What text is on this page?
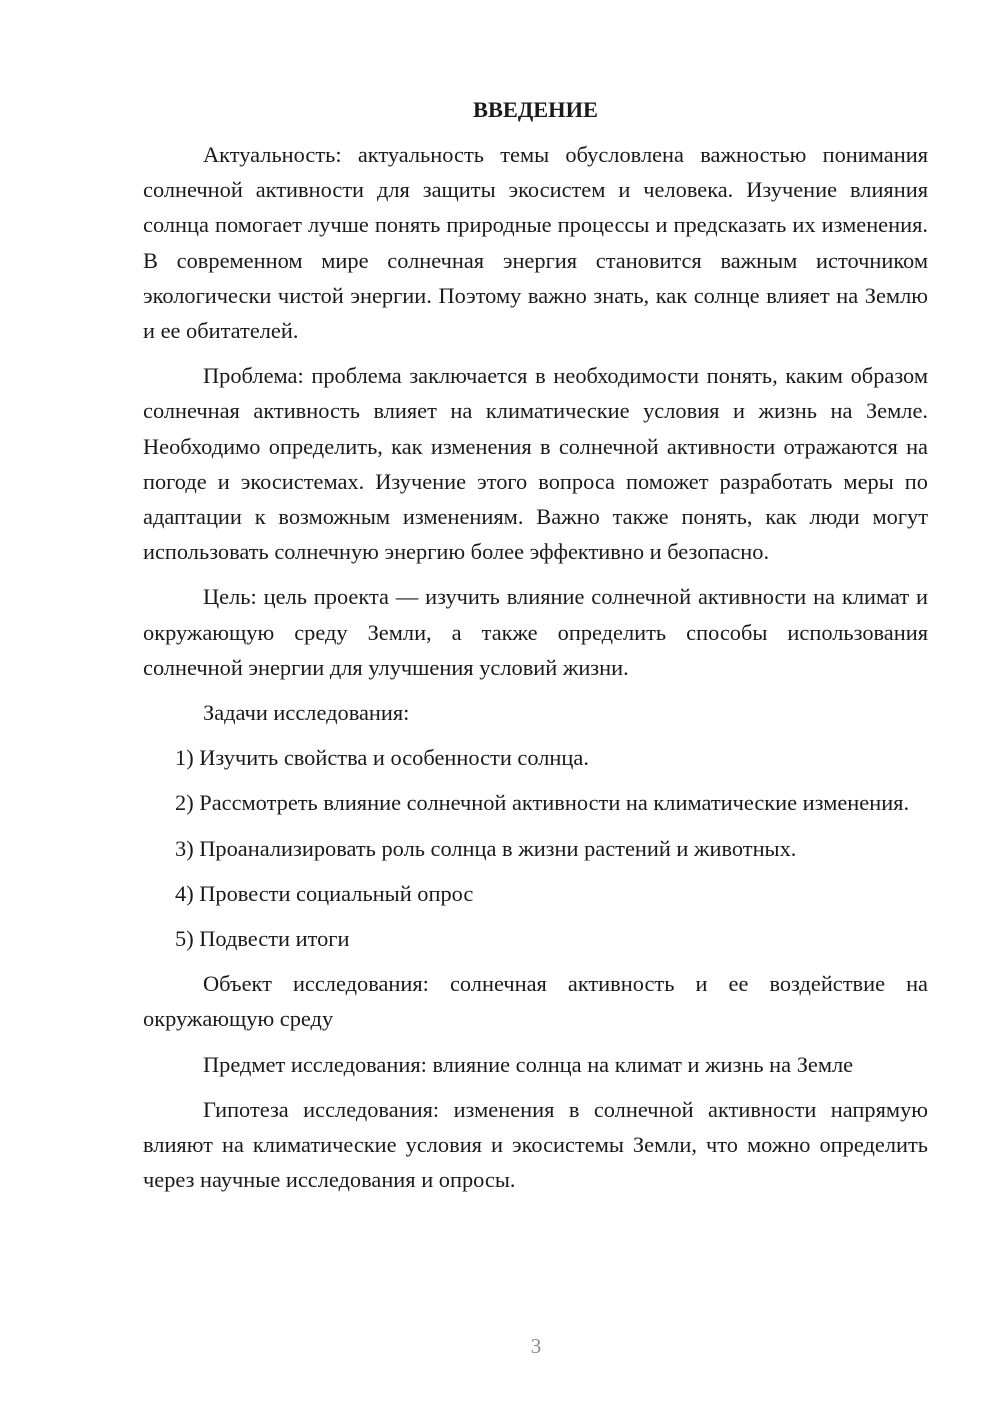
ВВЕДЕНИЕ

Актуальность: актуальность темы обусловлена важностью понимания солнечной активности для защиты экосистем и человека. Изучение влияния солнца помогает лучше понять природные процессы и предсказать их изменения. В современном мире солнечная энергия становится важным источником экологически чистой энергии. Поэтому важно знать, как солнце влияет на Землю и ее обитателей.

Проблема: проблема заключается в необходимости понять, каким образом солнечная активность влияет на климатические условия и жизнь на Земле. Необходимо определить, как изменения в солнечной активности отражаются на погоде и экосистемах. Изучение этого вопроса поможет разработать меры по адаптации к возможным изменениям. Важно также понять, как люди могут использовать солнечную энергию более эффективно и безопасно.

Цель: цель проекта — изучить влияние солнечной активности на климат и окружающую среду Земли, а также определить способы использования солнечной энергии для улучшения условий жизни.

Задачи исследования:

1) Изучить свойства и особенности солнца.

2) Рассмотреть влияние солнечной активности на климатические изменения.

3) Проанализировать роль солнца в жизни растений и животных.

4) Провести социальный опрос

5) Подвести итоги

Объект исследования: солнечная активность и ее воздействие на окружающую среду

Предмет исследования: влияние солнца на климат и жизнь на Земле

Гипотеза исследования: изменения в солнечной активности напрямую влияют на климатические условия и экосистемы Земли, что можно определить через научные исследования и опросы.

3
